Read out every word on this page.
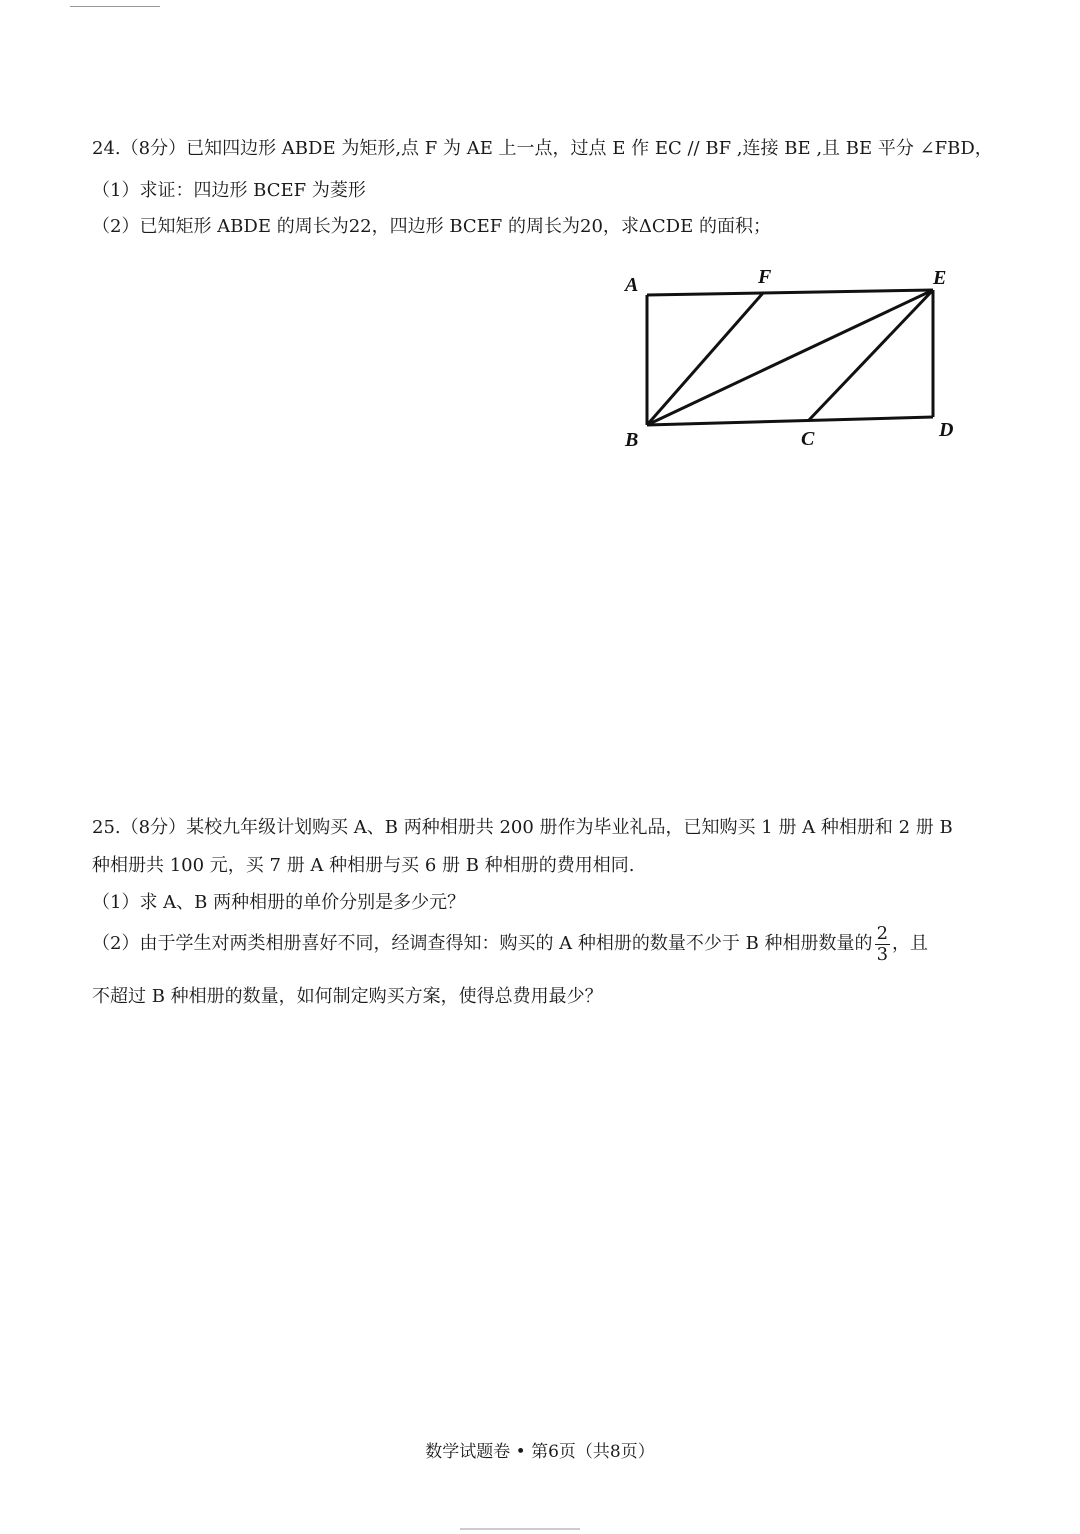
24.（8分）已知四边形 ABDE 为矩形,点 F 为 AE 上一点，过点 E 作 EC // BF ,连接 BE ,且 BE 平分 ∠FBD，
（1）求证：四边形 BCEF 为菱形
（2）已知矩形 ABDE 的周长为22，四边形 BCEF 的周长为20，求ΔCDE 的面积；
A	F	E
B	C	D
25.（8分）某校九年级计划购买 A、B 两种相册共 200 册作为毕业礼品，已知购买 1 册 A 种相册和 2 册 B
种相册共 100 元，买 7 册 A 种相册与买 6 册 B 种相册的费用相同.
（1）求 A、B 两种相册的单价分别是多少元？
（2）由于学生对两类相册喜好不同，经调查得知：购买的 A 种相册的数量不少于 B 种相册数量的 $\frac{2}{3}$ ，且
不超过 B 种相册的数量，如何制定购买方案，使得总费用最少？
数学试题卷 • 第6页（共8页）
